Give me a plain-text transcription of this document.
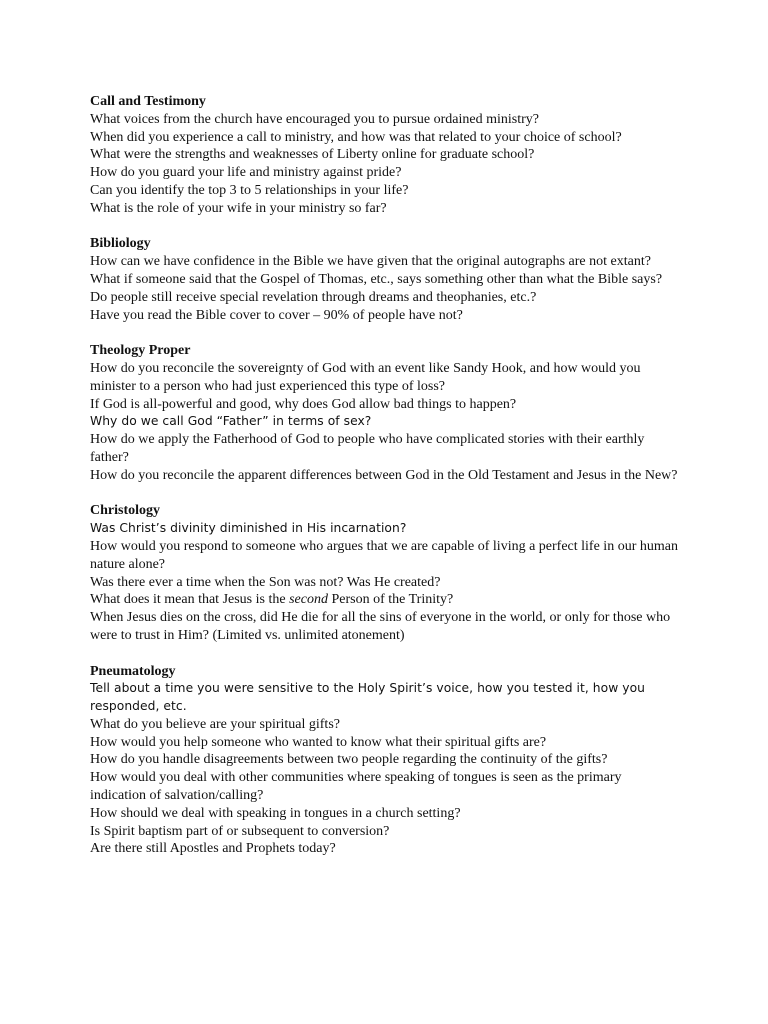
Call and Testimony

What voices from the church have encouraged you to pursue ordained ministry?

When did you experience a call to ministry, and how was that related to your choice of school?

What were the strengths and weaknesses of Liberty online for graduate school?

How do you guard your life and ministry against pride?

Can you identify the top 3 to 5 relationships in your life?

What is the role of your wife in your ministry so far?

Bibliology

How can we have confidence in the Bible we have given that the original autographs are not extant?

What if someone said that the Gospel of Thomas, etc., says something other than what the Bible says?

Do people still receive special revelation through dreams and theophanies, etc.?

Have you read the Bible cover to cover – 90% of people have not?

Theology Proper

How do you reconcile the sovereignty of God with an event like Sandy Hook, and how would you minister to a person who had just experienced this type of loss?

If God is all-powerful and good, why does God allow bad things to happen?

Why do we call God “Father” in terms of sex?

How do we apply the Fatherhood of God to people who have complicated stories with their earthly father?

How do you reconcile the apparent differences between God in the Old Testament and Jesus in the New?

Christology

Was Christ’s divinity diminished in His incarnation?

How would you respond to someone who argues that we are capable of living a perfect life in our human nature alone?

Was there ever a time when the Son was not? Was He created?

What does it mean that Jesus is the second Person of the Trinity?

When Jesus dies on the cross, did He die for all the sins of everyone in the world, or only for those who were to trust in Him? (Limited vs. unlimited atonement)

Pneumatology

Tell about a time you were sensitive to the Holy Spirit’s voice, how you tested it, how you responded, etc.

What do you believe are your spiritual gifts?

How would you help someone who wanted to know what their spiritual gifts are?

How do you handle disagreements between two people regarding the continuity of the gifts?

How would you deal with other communities where speaking of tongues is seen as the primary indication of salvation/calling?

How should we deal with speaking in tongues in a church setting?

Is Spirit baptism part of or subsequent to conversion?

Are there still Apostles and Prophets today?
